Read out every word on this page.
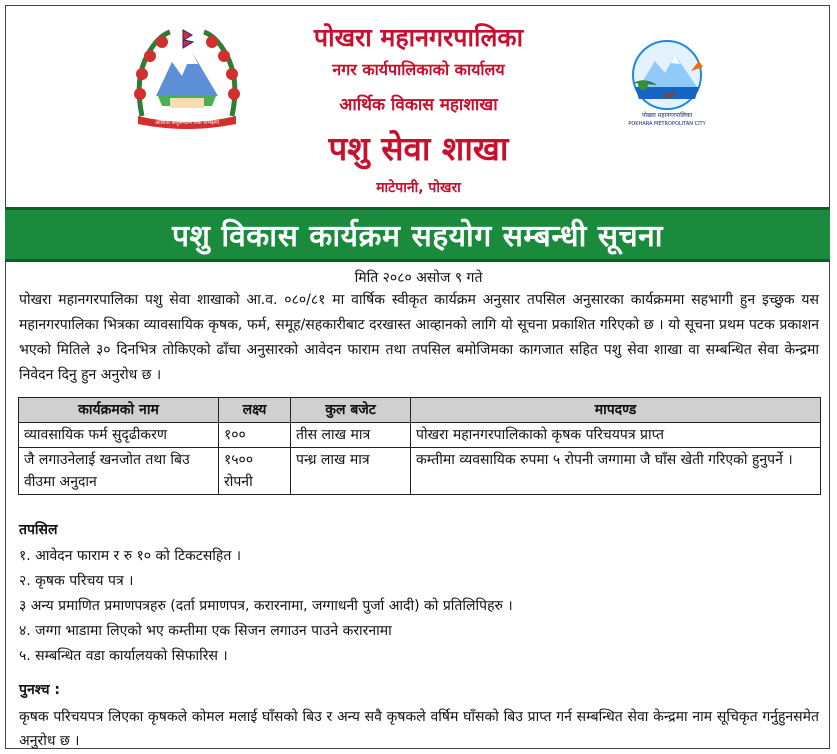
आर्थिक अनुसन्धान तथा सर्भेक्षण
पोखरा महानगरपालिका
POKHARA METROPOLITAN CITY
पोखरा महानगरपालिका
नगर कार्यपालिकाको कार्यालय
आर्थिक विकास महाशाखा
पशु सेवा शाखा
माटेपानी, पोखरा
पशु विकास कार्यक्रम सहयोग सम्बन्धी सूचना
मिति २०८० असोज ९ गते
पोखरा महानगरपालिका पशु सेवा शाखाको आ.व. ०८०/८१ मा वार्षिक स्वीकृत कार्यक्रम अनुसार तपसिल अनुसारका कार्यक्रममा सहभागी हुन इच्छुक यस महानगरपालिका भित्रका व्यावसायिक कृषक, फर्म, समूह/सहकारीबाट दरखास्त आव्हानको लागि यो सूचना प्रकाशित गरिएको छ । यो सूचना प्रथम पटक प्रकाशन भएको मितिले ३० दिनभित्र तोकिएको ढाँचा अनुसारको आवेदन फाराम तथा तपसिल बमोजिमका कागजात सहित पशु सेवा शाखा वा सम्बन्धित सेवा केन्द्रमा निवेदन दिनु हुन अनुरोध छ ।
कार्यक्रमको नाम	लक्ष्य	कुल बजेट	मापदण्ड
व्यावसायिक फर्म सुदृढीकरण	१००	तीस लाख मात्र	पोखरा महानगरपालिकाको कृषक परिचयपत्र प्राप्त
जै लगाउनेलाई खनजोत तथा बिउ वीउमा अनुदान	१५०० रोपनी	पन्ध्र लाख मात्र	कम्तीमा व्यवसायिक रुपमा ५ रोपनी जग्गामा जै घाँस खेती गरिएको हुनुपर्ने ।
तपसिल
१. आवेदन फाराम र रु १० को टिकटसहित ।
२. कृषक परिचय पत्र ।
३ अन्य प्रमाणित प्रमाणपत्रहरु (दर्ता प्रमाणपत्र, करारनामा, जग्गाधनी पुर्जा आदी) को प्रतिलिपिहरु ।
४. जग्गा भाडामा लिएको भए कम्तीमा एक सिजन लगाउन पाउने करारनामा
५. सम्बन्धित वडा कार्यालयको सिफारिस ।
पुनश्च :
कृषक परिचयपत्र लिएका कृषकले कोमल मलाई घाँसको बिउ र अन्य सवै कृषकले वर्षिम घाँसको बिउ प्राप्त गर्न सम्बन्धित सेवा केन्द्रमा नाम सूचिकृत गर्नुहुनसमेत अनुरोध छ ।
